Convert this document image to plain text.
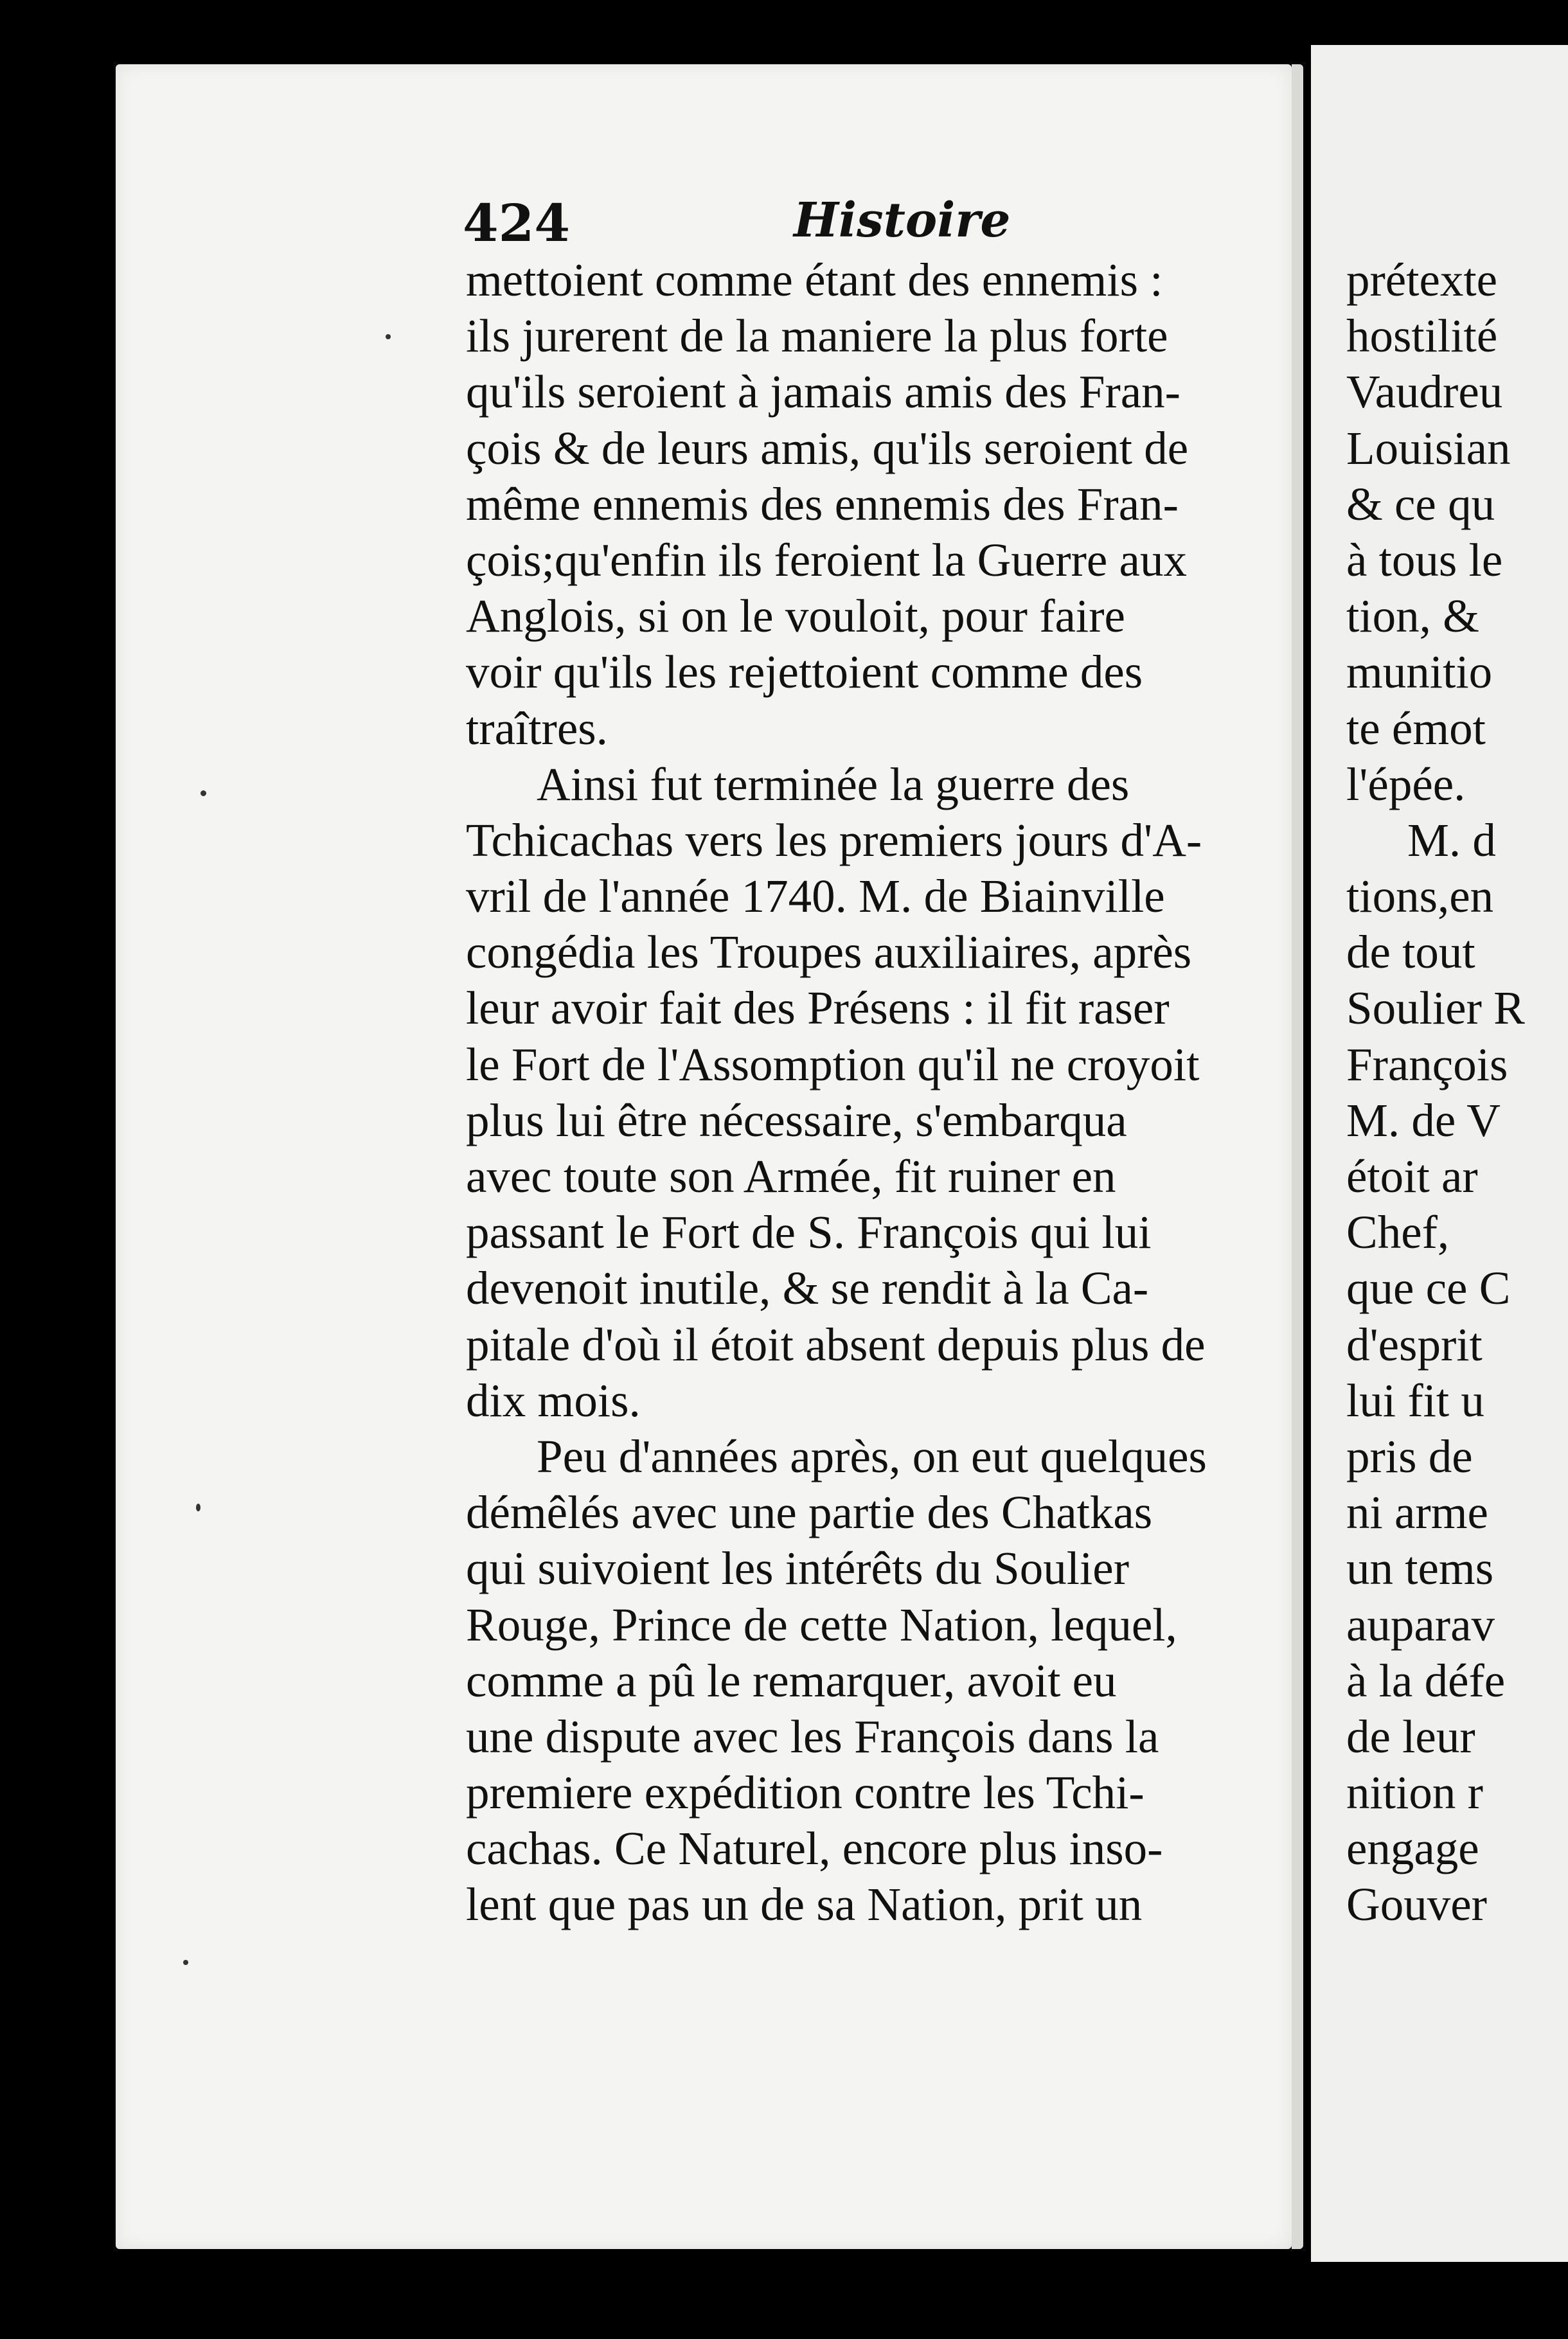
424	Histoire
mettoient comme étant des ennemis :
ils jurerent de la maniere la plus forte
qu'ils seroient à jamais amis des Fran-
çois & de leurs amis, qu'ils seroient de
même ennemis des ennemis des Fran-
çois;qu'enfin ils feroient la Guerre aux
Anglois, si on le vouloit, pour faire
voir qu'ils les rejettoient comme des
traîtres.
Ainsi fut terminée la guerre des
Tchicachas vers les premiers jours d'A-
vril de l'année 1740. M. de Biainville
congédia les Troupes auxiliaires, après
leur avoir fait des Présens : il fit raser
le Fort de l'Assomption qu'il ne croyoit
plus lui être nécessaire, s'embarqua
avec toute son Armée, fit ruiner en
passant le Fort de S. François qui lui
devenoit inutile, & se rendit à la Ca-
pitale d'où il étoit absent depuis plus de
dix mois.
Peu d'années après, on eut quelques
démêlés avec une partie des Chatkas
qui suivoient les intérêts du Soulier
Rouge, Prince de cette Nation, lequel,
comme a pû le remarquer, avoit eu
une dispute avec les François dans la
premiere expédition contre les Tchi-
cachas. Ce Naturel, encore plus inso-
lent que pas un de sa Nation, prit un
prétexte
hostilité
Vaudreu
Louisian
& ce qu
à tous le
tion, &
munitio
te émot
l'épée.
M. d
tions,en
de tout
Soulier R
François
M. de V
étoit ar
Chef,
que ce C
d'esprit
lui fit u
pris de
ni arme
un tems
auparav
à la défe
de leur
nition r
engage
Gouver
